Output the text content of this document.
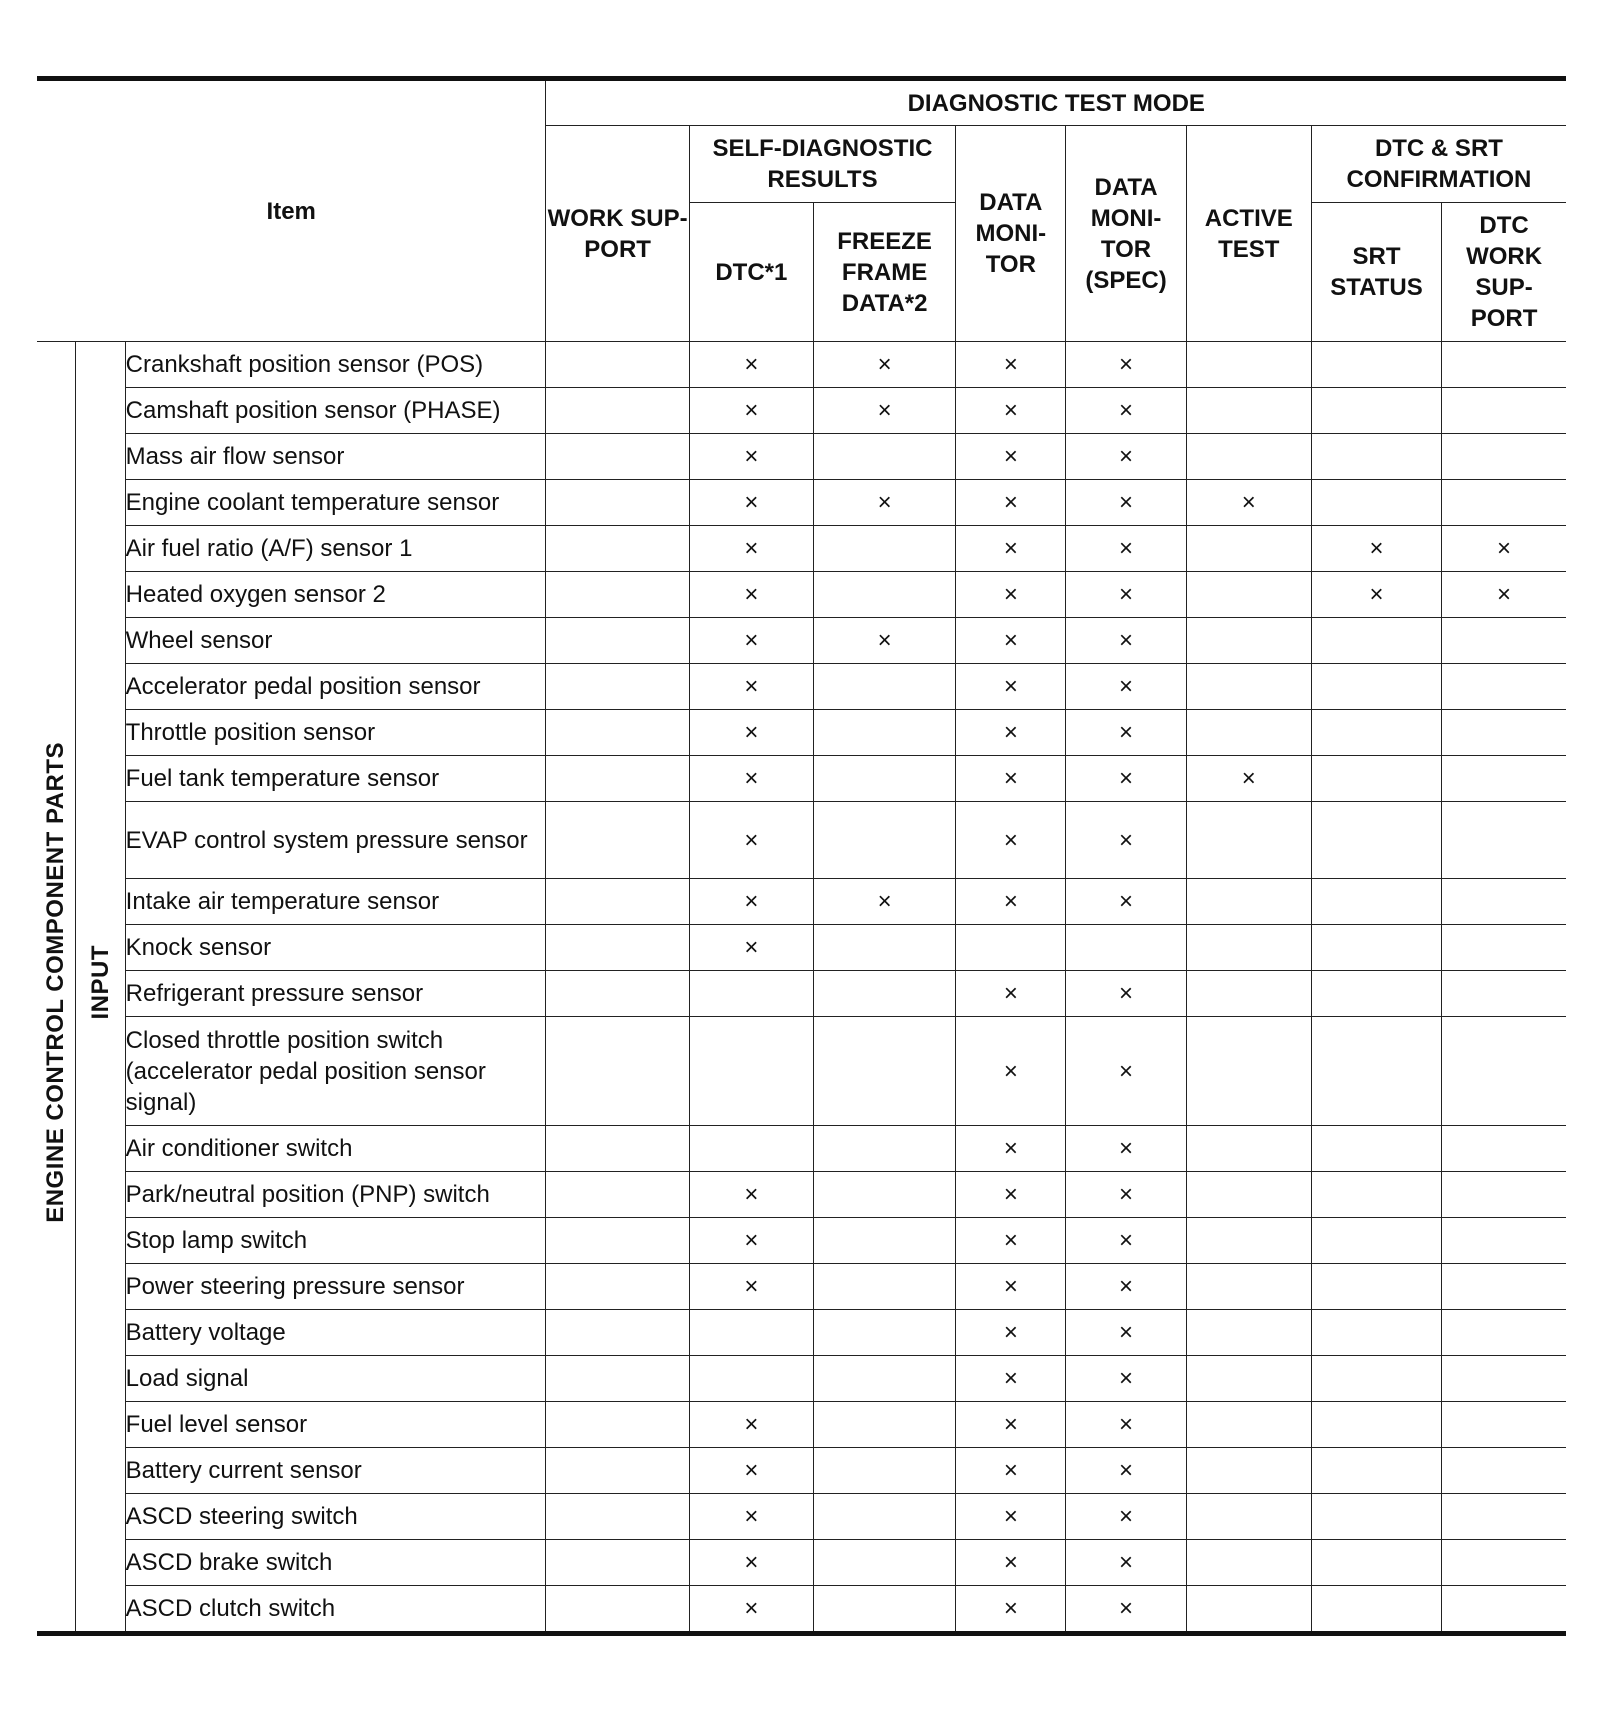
Item			DIAGNOSTIC TEST MODE							
			WORK SUP- PORT	SELF-DIAGNOSTIC RESULTS		DATA MONI- TOR	DATA MONI- TOR (SPEC)	ACTIVE TEST	DTC & SRT CONFIRMATION	
				DTC*1	FREEZE FRAME DATA*2				SRT STATUS	DTC WORK SUP- PORT
ENGINE CONTROL COMPONENT PARTS	INPUT	Crankshaft position sensor (POS)		×	×	×	×			
		Camshaft position sensor (PHASE)		×	×	×	×			
		Mass air flow sensor		×		×	×			
		Engine coolant temperature sensor		×	×	×	×	×		
		Air fuel ratio (A/F) sensor 1		×		×	×		×	×
		Heated oxygen sensor 2		×		×	×		×	×
		Wheel sensor		×	×	×	×			
		Accelerator pedal position sensor		×		×	×			
		Throttle position sensor		×		×	×			
		Fuel tank temperature sensor		×		×	×	×		
		EVAP control system pressure sensor		×		×	×			
		Intake air temperature sensor		×	×	×	×			
		Knock sensor		×						
		Refrigerant pressure sensor				×	×			
		Closed throttle position switch (accelerator pedal position sensor signal)				×	×			
		Air conditioner switch				×	×			
		Park/neutral position (PNP) switch		×		×	×			
		Stop lamp switch		×		×	×			
		Power steering pressure sensor		×		×	×			
		Battery voltage				×	×			
		Load signal				×	×			
		Fuel level sensor		×		×	×			
		Battery current sensor		×		×	×			
		ASCD steering switch		×		×	×			
		ASCD brake switch		×		×	×			
		ASCD clutch switch		×		×	×			
